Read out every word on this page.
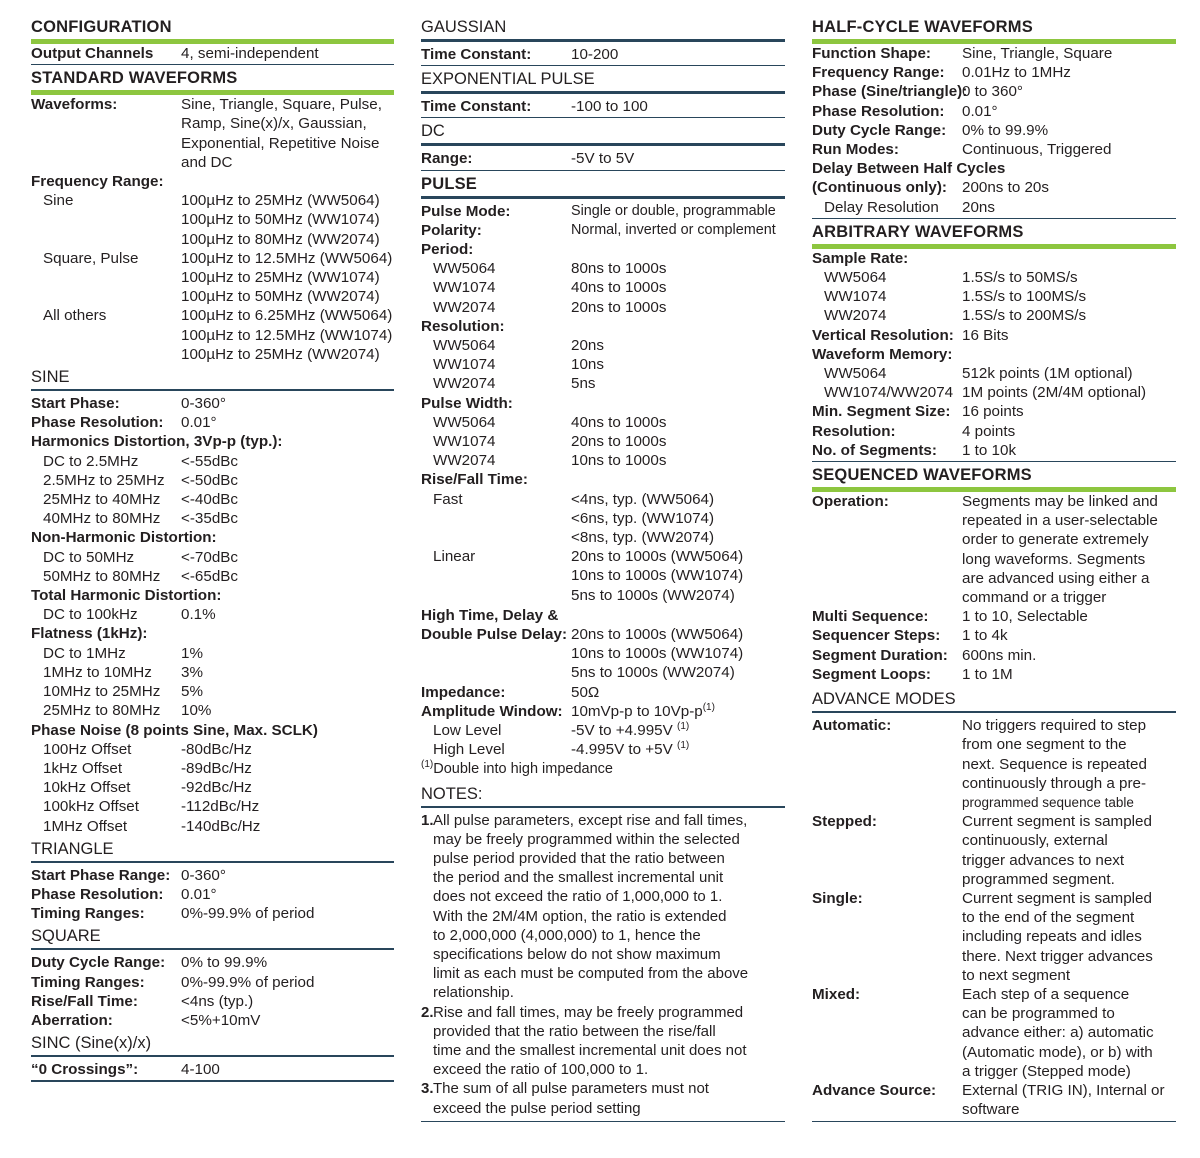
CONFIGURATION
Output Channels	4, semi-independent
STANDARD WAVEFORMS
Waveforms:	Sine, Triangle, Square, Pulse,
Ramp, Sine(x)/x, Gaussian,
Exponential, Repetitive Noise
and DC
Frequency Range:
Sine	100µHz to 25MHz (WW5064)
100µHz to 50MHz (WW1074)
100µHz to 80MHz (WW2074)
Square, Pulse	100µHz to 12.5MHz (WW5064)
100µHz to 25MHz (WW1074)
100µHz to 50MHz (WW2074)
All others	100µHz to 6.25MHz (WW5064)
100µHz to 12.5MHz (WW1074)
100µHz to 25MHz (WW2074)
SINE
Start Phase:	0-360°
Phase Resolution:	0.01°
Harmonics Distortion, 3Vp-p (typ.):
DC to 2.5MHz	<-55dBc
2.5MHz to 25MHz	<-50dBc
25MHz to 40MHz	<-40dBc
40MHz to 80MHz	<-35dBc
Non-Harmonic Distortion:
DC to 50MHz	<-70dBc
50MHz to 80MHz	<-65dBc
Total Harmonic Distortion:
DC to 100kHz	0.1%
Flatness (1kHz):
DC to 1MHz	1%
1MHz to 10MHz	3%
10MHz to 25MHz	5%
25MHz to 80MHz	10%
Phase Noise (8 points Sine, Max. SCLK)
100Hz Offset	-80dBc/Hz
1kHz Offset	-89dBc/Hz
10kHz Offset	-92dBc/Hz
100kHz Offset	-112dBc/Hz
1MHz Offset	-140dBc/Hz
TRIANGLE
Start Phase Range: 0-360°
Phase Resolution:	0.01°
Timing Ranges:	0%-99.9% of period
SQUARE
Duty Cycle Range:	0% to 99.9%
Timing Ranges:	0%-99.9% of period
Rise/Fall Time:	<4ns (typ.)
Aberration:	<5%+10mV
SINC (Sine(x)/x)
“0 Crossings”:	4-100
GAUSSIAN
Time Constant:	10-200
EXPONENTIAL PULSE
Time Constant:	-100 to 100
DC
Range:	-5V to 5V
PULSE
Pulse Mode:	Single or double, programmable
Polarity:	Normal, inverted or complement
Period:
WW5064	80ns to 1000s
WW1074	40ns to 1000s
WW2074	20ns to 1000s
Resolution:
WW5064	20ns
WW1074	10ns
WW2074	5ns
Pulse Width:
WW5064	40ns to 1000s
WW1074	20ns to 1000s
WW2074	10ns to 1000s
Rise/Fall Time:
Fast	<4ns, typ. (WW5064)
<6ns, typ. (WW1074)
<8ns, typ. (WW2074)
Linear	20ns to 1000s (WW5064)
10ns to 1000s (WW1074)
5ns to 1000s (WW2074)
High Time, Delay &
Double Pulse Delay: 20ns to 1000s (WW5064)
10ns to 1000s (WW1074)
5ns to 1000s (WW2074)
Impedance:	50Ω
Amplitude Window: 10mVp-p to $10Vp-p^{(1)}$
Low Level	-5V to +4.995V $^{(1)}$
High Level	-4.995V to +5V $^{(1)}$
$^{(1)}$Double into high impedance
NOTES:
1. All pulse parameters, except rise and fall times,
may be freely programmed within the selected
pulse period provided that the ratio between
the period and the smallest incremental unit
does not exceed the ratio of 1,000,000 to 1.
With the 2M/4M option, the ratio is extended
to 2,000,000 (4,000,000) to 1, hence the
specifications below do not show maximum
limit as each must be computed from the above
relationship.
2. Rise and fall times, may be freely programmed
provided that the ratio between the rise/fall
time and the smallest incremental unit does not
exceed the ratio of 100,000 to 1.
3. The sum of all pulse parameters must not
exceed the pulse period setting
HALF-CYCLE WAVEFORMS
Function Shape:	Sine, Triangle, Square
Frequency Range:	0.01Hz to 1MHz
Phase (Sine/triangle):
0 to 360°
Phase Resolution:	0.01°
Duty Cycle Range:	0% to 99.9%
Run Modes:	Continuous, Triggered
Delay Between Half Cycles
(Continuous only): 200ns to 20s
Delay Resolution	20ns
ARBITRARY WAVEFORMS
Sample Rate:
WW5064	1.5S/s to 50MS/s
WW1074	1.5S/s to 100MS/s
WW2074	1.5S/s to 200MS/s
Vertical Resolution: 16 Bits
Waveform Memory:
WW5064	512k points (1M optional)
WW1074/WW2074 1M points (2M/4M optional)
Min. Segment Size: 16 points
Resolution:	4 points
No. of Segments:	1 to 10k
SEQUENCED WAVEFORMS
Operation:	Segments may be linked and
repeated in a user-selectable
order to generate extremely
long waveforms. Segments
are advanced using either a
command or a trigger
Multi Sequence:	1 to 10, Selectable
Sequencer Steps:	1 to 4k
Segment Duration: 600ns min.
Segment Loops:	1 to 1M
ADVANCE MODES
Automatic:	No triggers required to step
from one segment to the
next. Sequence is repeated
continuously through a pre-
programmed sequence table
Stepped:	Current segment is sampled
continuously, external
trigger advances to next
programmed segment.
Single:	Current segment is sampled
to the end of the segment
including repeats and idles
there. Next trigger advances
to next segment
Mixed:	Each step of a sequence
can be programmed to
advance either: a) automatic
(Automatic mode), or b) with
a trigger (Stepped mode)
Advance Source:	External (TRIG IN), Internal or
software
